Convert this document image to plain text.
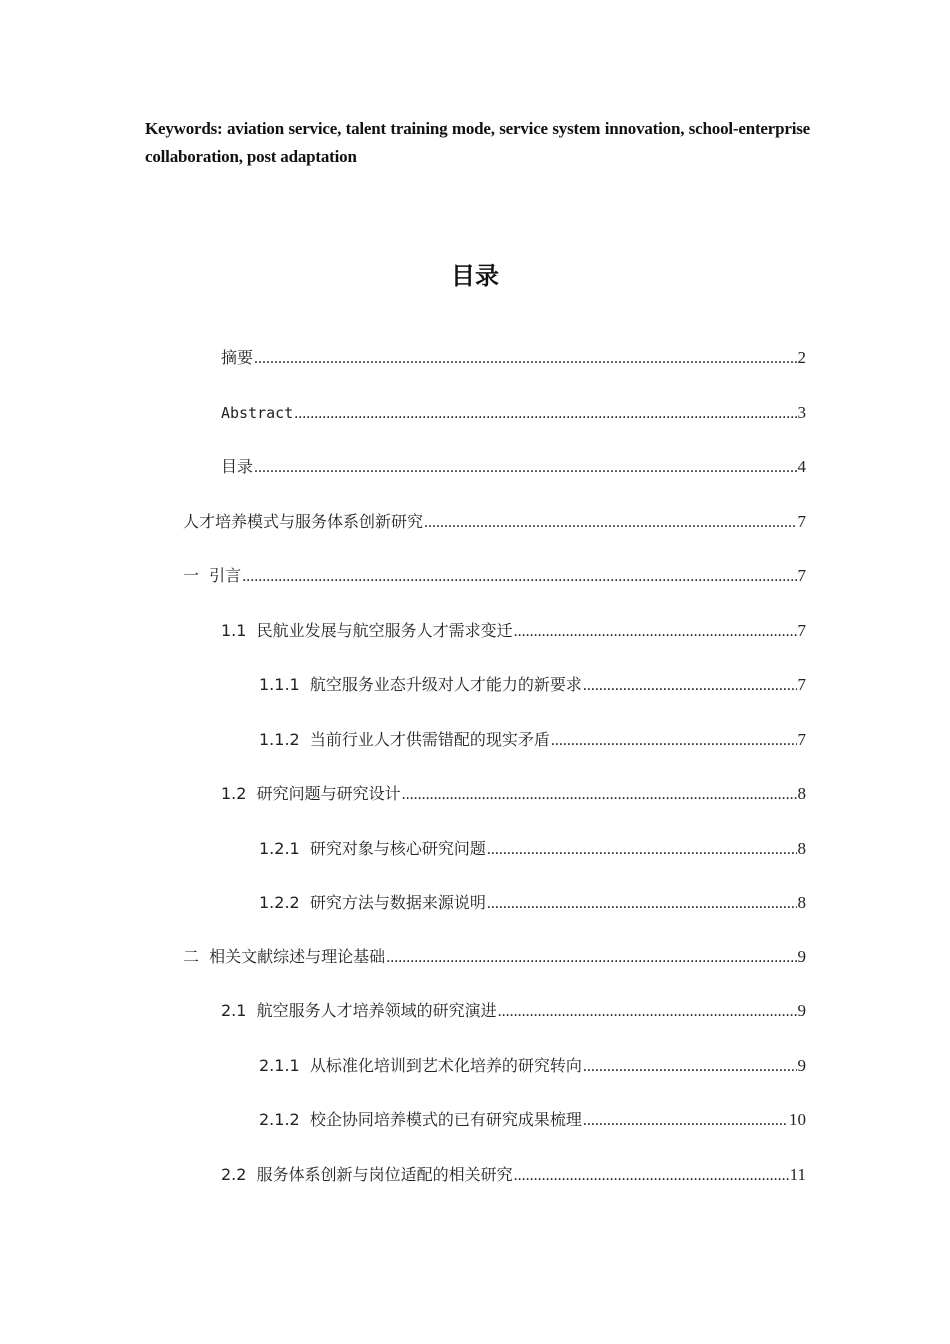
Keywords: aviation service, talent training mode, service system innovation, school-enterprise collaboration, post adaptation
目录
摘要 .....	2
Abstract .....	3
目录 .....	4
人才培养模式与服务体系创新研究 .....	7
一  引言 .....	7
1.1  民航业发展与航空服务人才需求变迁 .....	7
1.1.1  航空服务业态升级对人才能力的新要求 .....	7
1.1.2  当前行业人才供需错配的现实矛盾 .....	7
1.2  研究问题与研究设计 .....	8
1.2.1  研究对象与核心研究问题 .....	8
1.2.2  研究方法与数据来源说明 .....	8
二  相关文献综述与理论基础 .....	9
2.1  航空服务人才培养领域的研究演进 .....	9
2.1.1  从标准化培训到艺术化培养的研究转向 .....	9
2.1.2  校企协同培养模式的已有研究成果梳理 .....	10
2.2  服务体系创新与岗位适配的相关研究 .....	11
